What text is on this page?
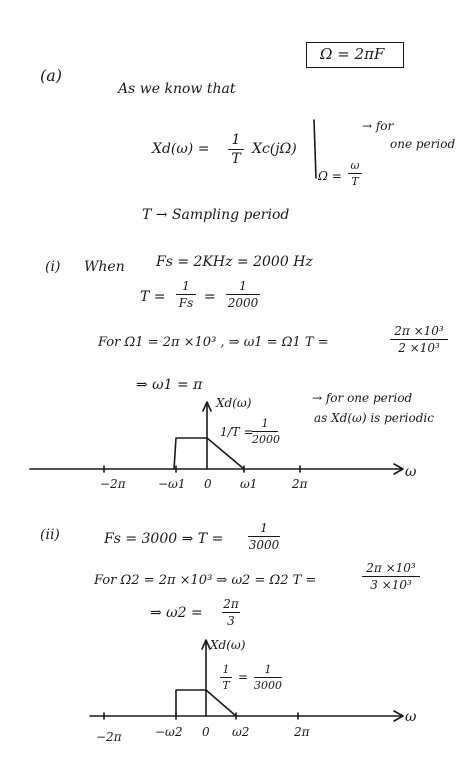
Ω = 2πF
(a)
As we know that
Xd(ω) =
1
T
Xc(jΩ)
Ω =
ω
T
→ for
one period
T → Sampling period
(i) When Fs = 2KHz = 2000 Hz
T =
1
Fs =
1
2000
For Ω1 = 2π ×10³ , ⇒ ω1 = Ω1 T =
2π ×10³
2 ×10³
⇒ ω1 = π
Xd(ω)
1/T =
1
2000
→ for one period
as Xd(ω) is periodic
ω
−2π	−ω1 0 ω1	2π
(ii)	Fs = 3000 ⇒ T =
1
3000
For Ω2 = 2π ×10³ ⇒ ω2 = Ω2 T =
2π ×10³
3 ×10³
⇒ ω2 =
2π
3
Xd(ω)
1
T
=
1
3000
ω
−2π	−ω2 0 ω2	2π
